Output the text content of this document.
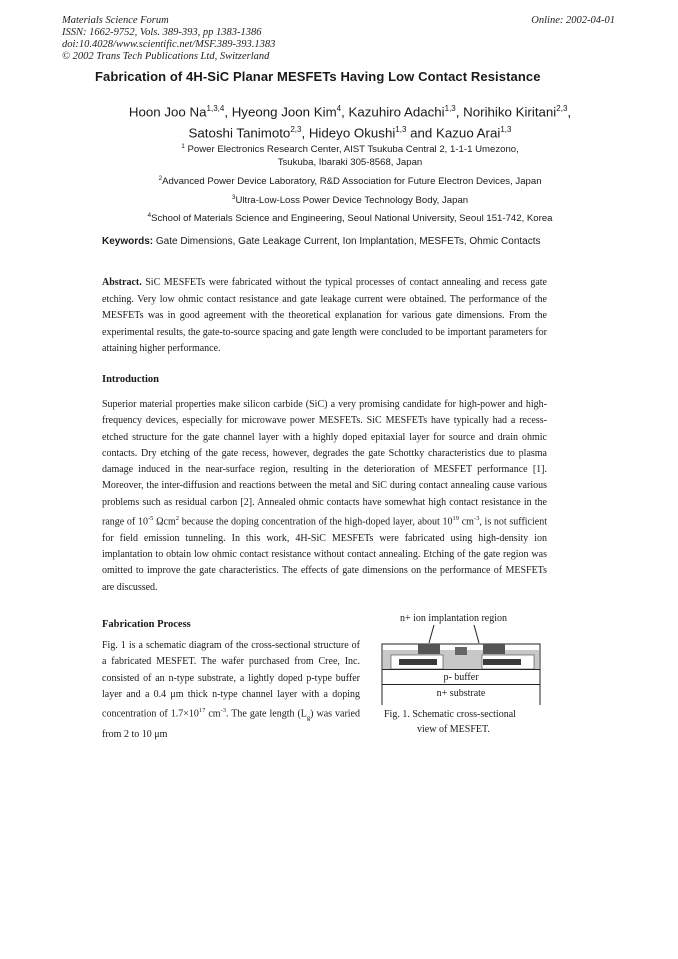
Materials Science Forum
ISSN: 1662-9752, Vols. 389-393, pp 1383-1386
doi:10.4028/www.scientific.net/MSF.389-393.1383
© 2002 Trans Tech Publications Ltd, Switzerland
Online: 2002-04-01
Fabrication of 4H-SiC Planar MESFETs Having Low Contact Resistance
Hoon Joo Na$^{1,3,4}$, Hyeong Joon Kim$^4$, Kazuhiro Adachi$^{1,3}$, Norihiko Kiritani$^{2,3}$,
Satoshi Tanimoto$^{2,3}$, Hideyo Okushi$^{1,3}$ and Kazuo Arai$^{1,3}$
$^1$ Power Electronics Research Center, AIST Tsukuba Central 2, 1-1-1 Umezono,
Tsukuba, Ibaraki 305-8568, Japan
$^2$Advanced Power Device Laboratory, R&D Association for Future Electron Devices, Japan
$^3$Ultra-Low-Loss Power Device Technology Body, Japan
$^4$School of Materials Science and Engineering, Seoul National University, Seoul 151-742, Korea
Keywords: Gate Dimensions, Gate Leakage Current, Ion Implantation, MESFETs, Ohmic Contacts
Abstract. SiC MESFETs were fabricated without the typical processes of contact annealing and recess gate etching. Very low ohmic contact resistance and gate leakage current were obtained. The performance of the MESFETs was in good agreement with the theoretical explanation for various gate dimensions. From the experimental results, the gate-to-source spacing and gate length were concluded to be important parameters for attaining higher performance.
Introduction
Superior material properties make silicon carbide (SiC) a very promising candidate for high-power and high-frequency devices, especially for microwave power MESFETs. SiC MESFETs have typically had a recess-etched structure for the gate channel layer with a highly doped epitaxial layer for source and drain ohmic contacts. Dry etching of the gate recess, however, degrades the gate Schottky characteristics due to plasma damage induced in the near-surface region, resulting in the deterioration of MESFET performance [1]. Moreover, the inter-diffusion and reactions between the metal and SiC during contact annealing cause various problems such as residual carbon [2]. Annealed ohmic contacts have somewhat high contact resistance in the range of $10^{-5}$ Ωcm$^2$ because the doping concentration of the high-doped layer, about $10^{19}$ $cm^{-3}$, is not sufficient for field emission tunneling. In this work, 4H-SiC MESFETs were fabricated using high-density ion implantation to obtain low ohmic contact resistance without contact annealing. Etching of the gate region was omitted to improve the gate characteristics. The effects of gate dimensions on the performance of MESFETs are discussed.
Fabrication Process
Fig. 1 is a schematic diagram of the cross-sectional structure of a fabricated MESFET. The wafer purchased from Cree, Inc. consisted of an n-type substrate, a lightly doped p-type buffer layer and a 0.4 μm thick n-type channel layer with a doping concentration of $1.7\times 10^{17}$ $cm^{-3}$. The gate length $(L_g)$ was varied from 2 to 10 μm
n+ ion implantation region
p- buffer
n+ substrate
Fig. 1. Schematic cross-sectional
view of MESFET.
